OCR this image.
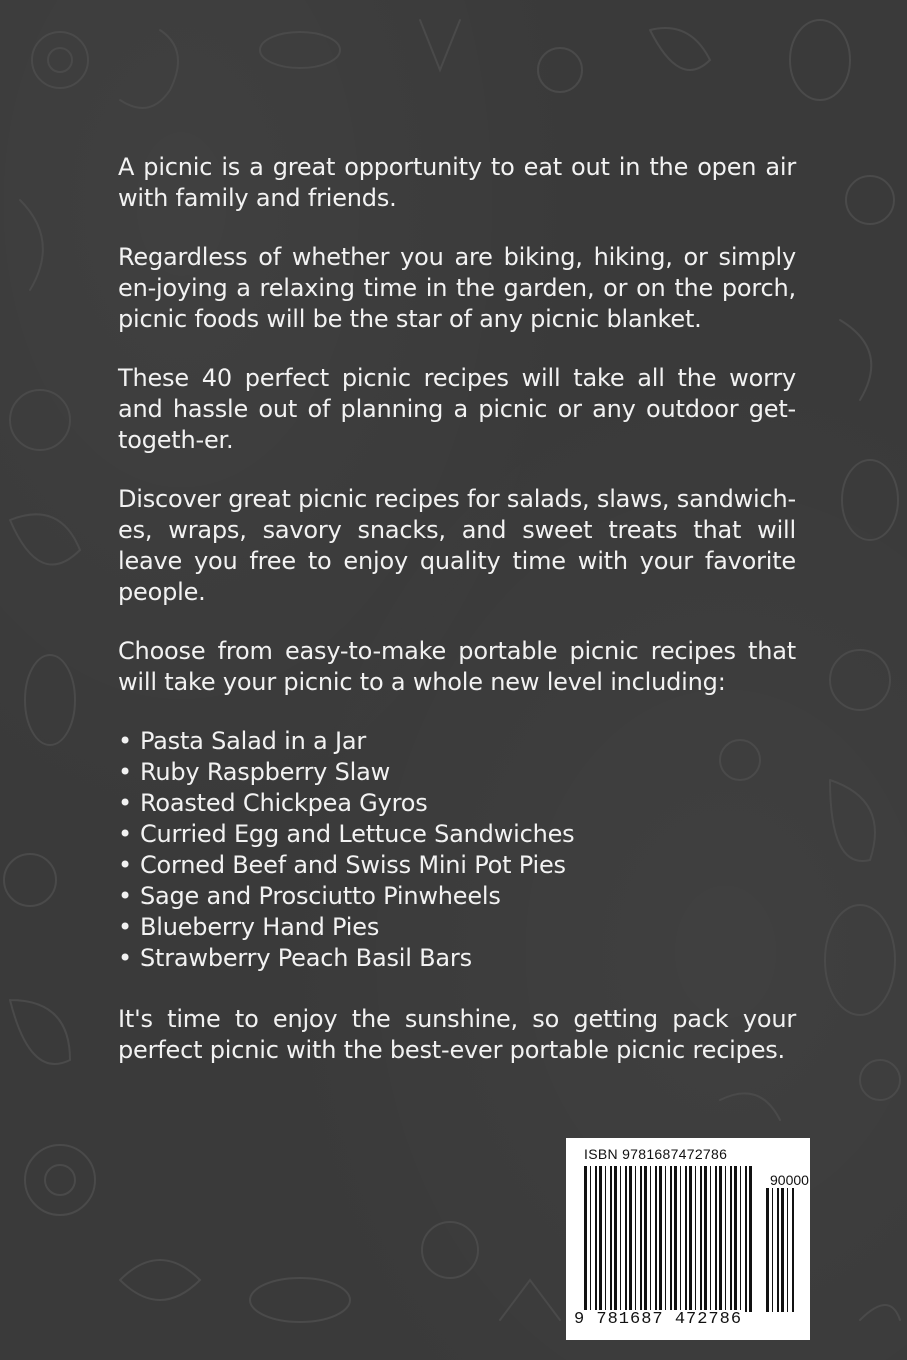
A picnic is a great opportunity to eat out in the open air with family and friends.

Regardless of whether you are biking, hiking, or simply en-joying a relaxing time in the garden, or on the porch, picnic foods will be the star of any picnic blanket.

These 40 perfect picnic recipes will take all the worry and hassle out of planning a picnic or any outdoor get-togeth-er.

Discover great picnic recipes for salads, slaws, sandwich-es, wraps, savory snacks, and sweet treats that will leave you free to enjoy quality time with your favorite people.

Choose from easy-to-make portable picnic recipes that will take your picnic to a whole new level including:

• Pasta Salad in a Jar
• Ruby Raspberry Slaw
• Roasted Chickpea Gyros
• Curried Egg and Lettuce Sandwiches
• Corned Beef and Swiss Mini Pot Pies
• Sage and Prosciutto Pinwheels
• Blueberry Hand Pies
• Strawberry Peach Basil Bars

It's time to enjoy the sunshine, so getting pack your perfect picnic with the best-ever portable picnic recipes.

ISBN 9781687472786
90000
9 781687 472786
